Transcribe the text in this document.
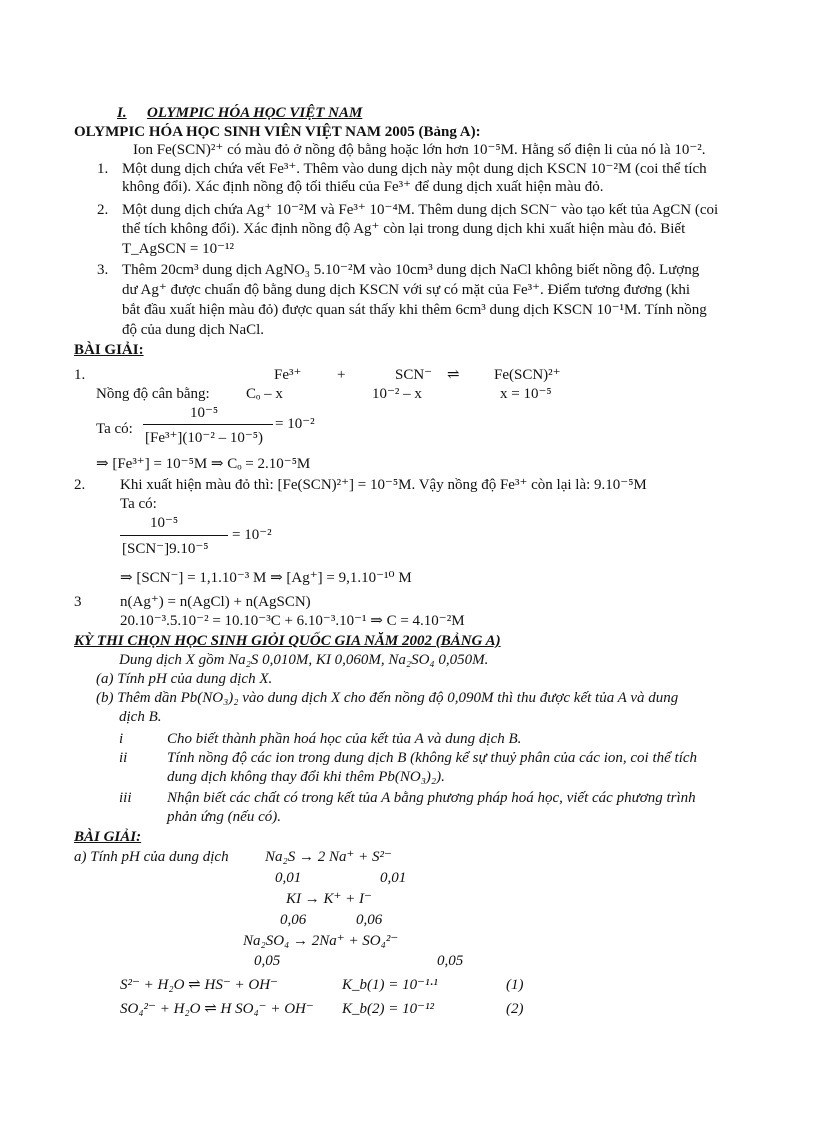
I. OLYMPIC HÓA HỌC VIỆT NAM
OLYMPIC HÓA HỌC SINH VIÊN VIỆT NAM 2005 (Bảng A):
Ion Fe(SCN)²⁺ có màu đỏ ở nồng độ bằng hoặc lớn hơn 10⁻⁵M. Hằng số điện li của nó là 10⁻².
1. Một dung dịch chứa vết Fe³⁺. Thêm vào dung dịch này một dung dịch KSCN 10⁻²M (coi thể tích
không đổi). Xác định nồng độ tối thiểu của Fe³⁺ để dung dịch xuất hiện màu đỏ.
2. Một dung dịch chứa Ag⁺ 10⁻²M và Fe³⁺ 10⁻⁴M. Thêm dung dịch SCN⁻ vào tạo kết tủa AgCN (coi
thể tích không đổi). Xác định nồng độ Ag⁺ còn lại trong dung dịch khi xuất hiện màu đỏ. Biết
T_AgSCN = 10⁻¹²
3. Thêm 20cm³ dung dịch AgNO₃ 5.10⁻²M vào 10cm³ dung dịch NaCl không biết nồng độ. Lượng
dư Ag⁺ được chuẩn độ bằng dung dịch KSCN với sự có mặt của Fe³⁺. Điểm tương đương (khi
bắt đầu xuất hiện màu đỏ) được quan sát thấy khi thêm 6cm³ dung dịch KSCN 10⁻¹M. Tính nồng
độ của dung dịch NaCl.
BÀI GIẢI:
1.	Fe³⁺ +	SCN⁻ ⇌ Fe(SCN)²⁺
Nồng độ cân bằng: Cₒ – x	10⁻² – x	x = 10⁻⁵
Ta có:
10⁻⁵
[Fe³⁺](10⁻² – 10⁻⁵)
= 10⁻²
⇒ [Fe³⁺] = 10⁻⁵M ⇒ Cₒ = 2.10⁻⁵M
2. Khi xuất hiện màu đỏ thì: [Fe(SCN)²⁺] = 10⁻⁵M. Vậy nồng độ Fe³⁺ còn lại là: 9.10⁻⁵M
Ta có:
10⁻⁵
[SCN⁻]9.10⁻⁵
= 10⁻²
⇒ [SCN⁻] = 1,1.10⁻³ M ⇒ [Ag⁺] = 9,1.10⁻¹⁰ M
3	n(Ag⁺) = n(AgCl) + n(AgSCN)
20.10⁻³.5.10⁻² = 10.10⁻³C + 6.10⁻³.10⁻¹ ⇒ C = 4.10⁻²M
KỲ THI CHỌN HỌC SINH GIỎI QUỐC GIA NĂM 2002 (BẢNG A)
Dung dịch X gồm Na₂S 0,010M, KI 0,060M, Na₂SO₄ 0,050M.
(a) Tính pH của dung dịch X.
(b) Thêm dần Pb(NO₃)₂ vào dung dịch X cho đến nồng độ 0,090M thì thu được kết tủa A và dung
dịch B.
i	Cho biết thành phần hoá học của kết tủa A và dung dịch B.
ii	Tính nồng độ các ion trong dung dịch B (không kể sự thuỷ phân của các ion, coi thể tích
dung dịch không thay đổi khi thêm Pb(NO₃)₂).
iii Nhận biết các chất có trong kết tủa A bằng phương pháp hoá học, viết các phương trình
phản ứng (nếu có).
BÀI GIẢI:
a) Tính pH của dung dịch Na₂S → 2 Na⁺ + S²⁻
0,01	0,01
KI → K⁺ + I⁻
0,06	0,06
Na₂SO₄ → 2Na⁺ + SO₄²⁻
0,05	0,05
S²⁻ + H₂O ⇌ HS⁻ + OH⁻	K_b(1) = 10⁻¹·¹	(1)
SO₄²⁻ + H₂O ⇌ H SO₄⁻ + OH⁻ K_b(2) = 10⁻¹²	(2)
